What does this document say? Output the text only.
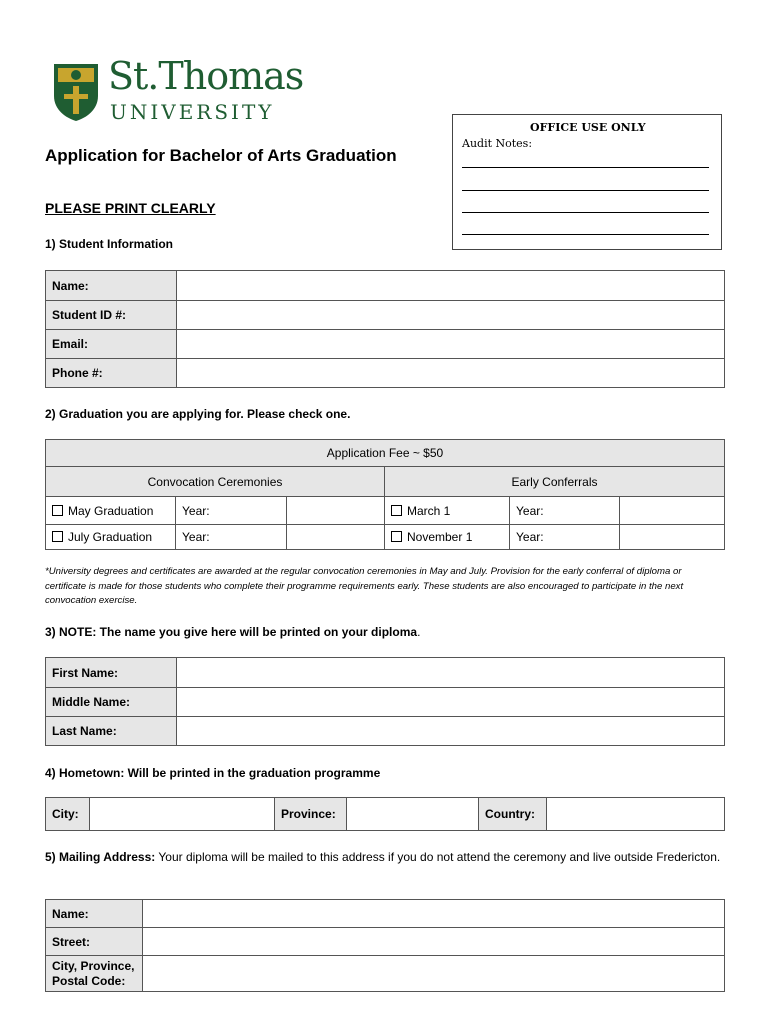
St.Thomas
UNIVERSITY
OFFICE USE ONLY
Audit Notes:
Application for Bachelor of Arts Graduation
PLEASE PRINT CLEARLY
1) Student Information
Name:	
Student ID #:	
Email:	
Phone #:	
2) Graduation you are applying for. Please check one.
Application Fee ~ $50					
Convocation Ceremonies			Early Conferrals		
May Graduation	Year:		March 1	Year:	
July Graduation	Year:		November 1	Year:	
*University degrees and certificates are awarded at the regular convocation ceremonies in May and July. Provision for the early conferral of diploma or certificate is made for those students who complete their programme requirements early. These students are also encouraged to participate in the next convocation exercise.
3) NOTE: The name you give here will be printed on your diploma.
First Name:	
Middle Name:	
Last Name:	
4) Hometown: Will be printed in the graduation programme
City:		Province:		Country:	
5) Mailing Address: Your diploma will be mailed to this address if you do not attend the ceremony and live outside Fredericton.
Name:	
Street:	

City, Province,
Postal Code:	
